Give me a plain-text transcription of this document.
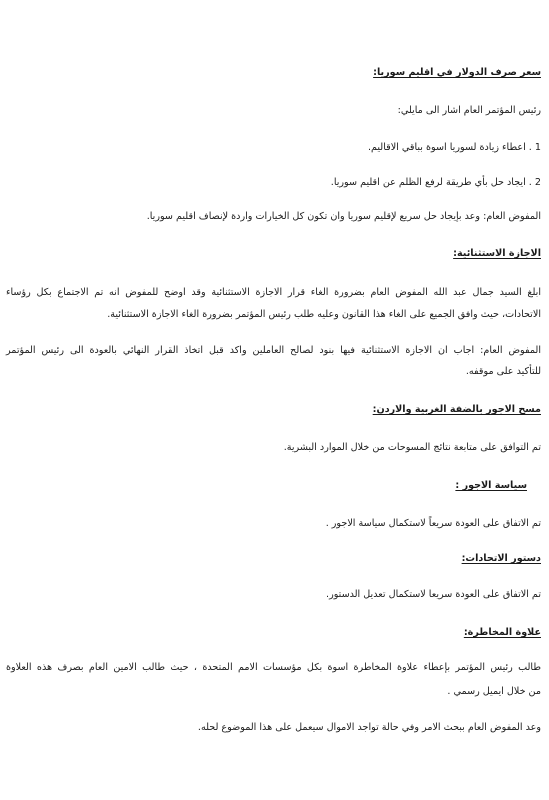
سعر صرف الدولار في اقليم سوريا:

رئيس المؤتمر العام اشار الى مايلي:

1 . اعطاء زيادة لسوريا اسوة بباقي الاقاليم.

2 . ايجاد حل بأي طريقة لرفع الظلم عن اقليم سوريا.

المفوض العام: وعد بإيجاد حل سريع لإقليم سوريا وان تكون كل الخيارات واردة لإنصاف اقليم سوريا.

الاجازة الاستثنائية:

ابلغ السيد جمال عبد الله المفوض العام بضرورة الغاء قرار الاجازة الاستثنائية وقد اوضح للمفوض انه تم الاجتماع بكل رؤساء

الاتحادات، حيث وافق الجميع على الغاء هذا القانون وعليه طلب رئيس المؤتمر بضرورة الغاء الاجازة الاستثنائية.

المفوض العام: اجاب ان الاجازة الاستثنائية فيها بنود لصالح العاملين واكد قبل اتخاذ القرار النهائي بالعودة الى رئيس المؤتمر

للتأكيد على موقفه.

مسح الاجور بالضفة الغربية والاردن:

تم التوافق على متابعة نتائج المسوحات من خلال الموارد البشرية.

سياسة الاجور :

تم الاتفاق على العودة سريعاً لاستكمال سياسة الاجور .

دستور الاتحادات:

تم الاتفاق على العودة سريعا لاستكمال تعديل الدستور.

علاوة المخاطرة:

طالب رئيس المؤتمر بإعطاء علاوة المخاطرة اسوة بكل مؤسسات الامم المتحدة ، حيث طالب الامين العام بصرف هذه العلاوة

من خلال ايميل رسمي .

وعد المفوض العام ببحث الامر وفي حالة تواجد الاموال سيعمل على هذا الموضوع لحله.
